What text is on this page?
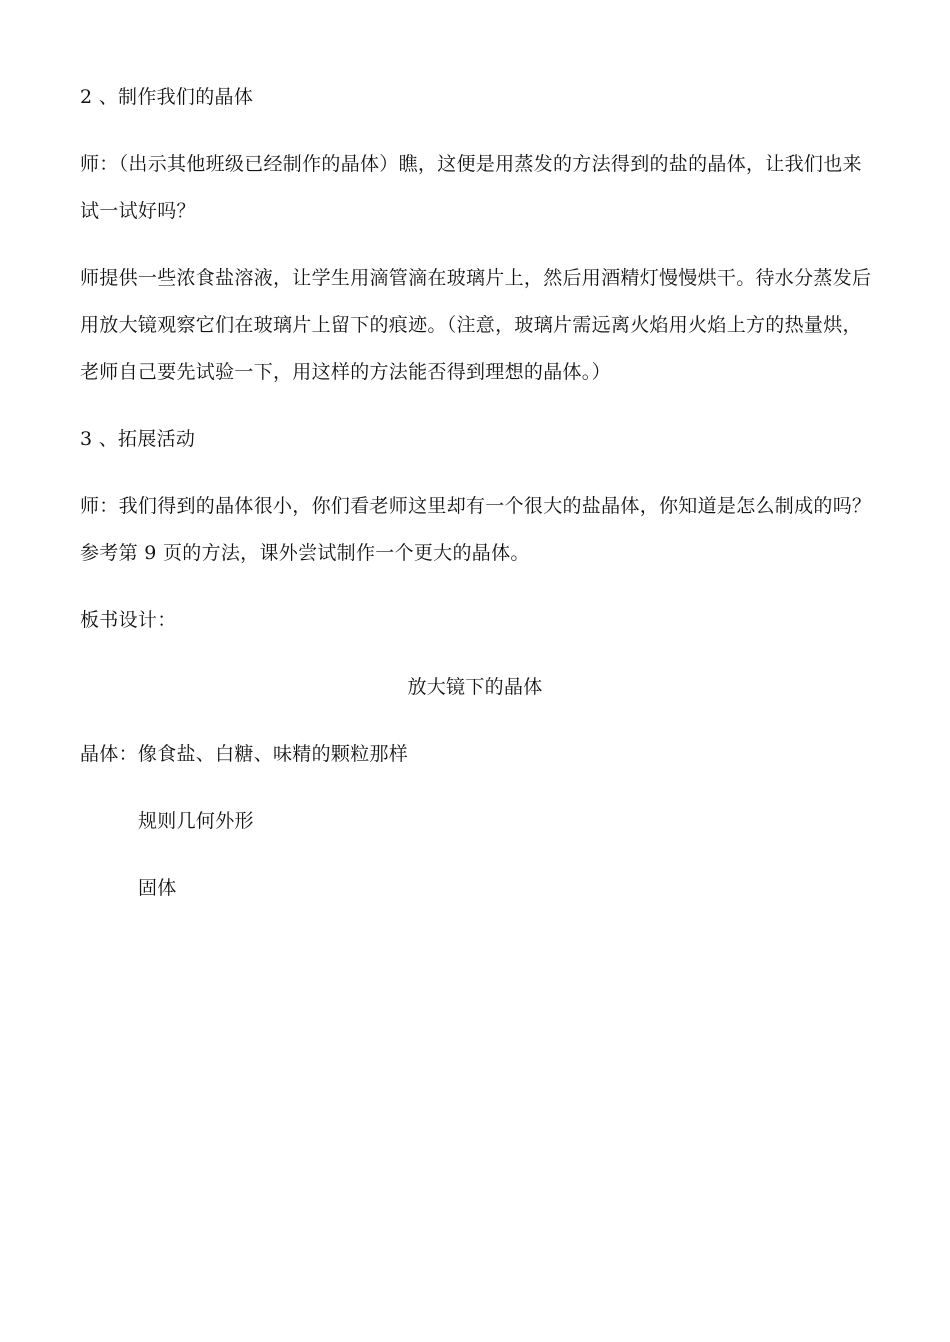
2 、制作我们的晶体
师：（出示其他班级已经制作的晶体）瞧，这便是用蒸发的方法得到的盐的晶体，让我们也来
试一试好吗？
师提供一些浓食盐溶液，让学生用滴管滴在玻璃片上，然后用酒精灯慢慢烘干。待水分蒸发后
用放大镜观察它们在玻璃片上留下的痕迹。（注意，玻璃片需远离火焰用火焰上方的热量烘，
老师自己要先试验一下，用这样的方法能否得到理想的晶体。）
3 、拓展活动
师：我们得到的晶体很小，你们看老师这里却有一个很大的盐晶体，你知道是怎么制成的吗？
参考第 9 页的方法，课外尝试制作一个更大的晶体。
板书设计：
放大镜下的晶体
晶体：像食盐、白糖、味精的颗粒那样
规则几何外形
固体
